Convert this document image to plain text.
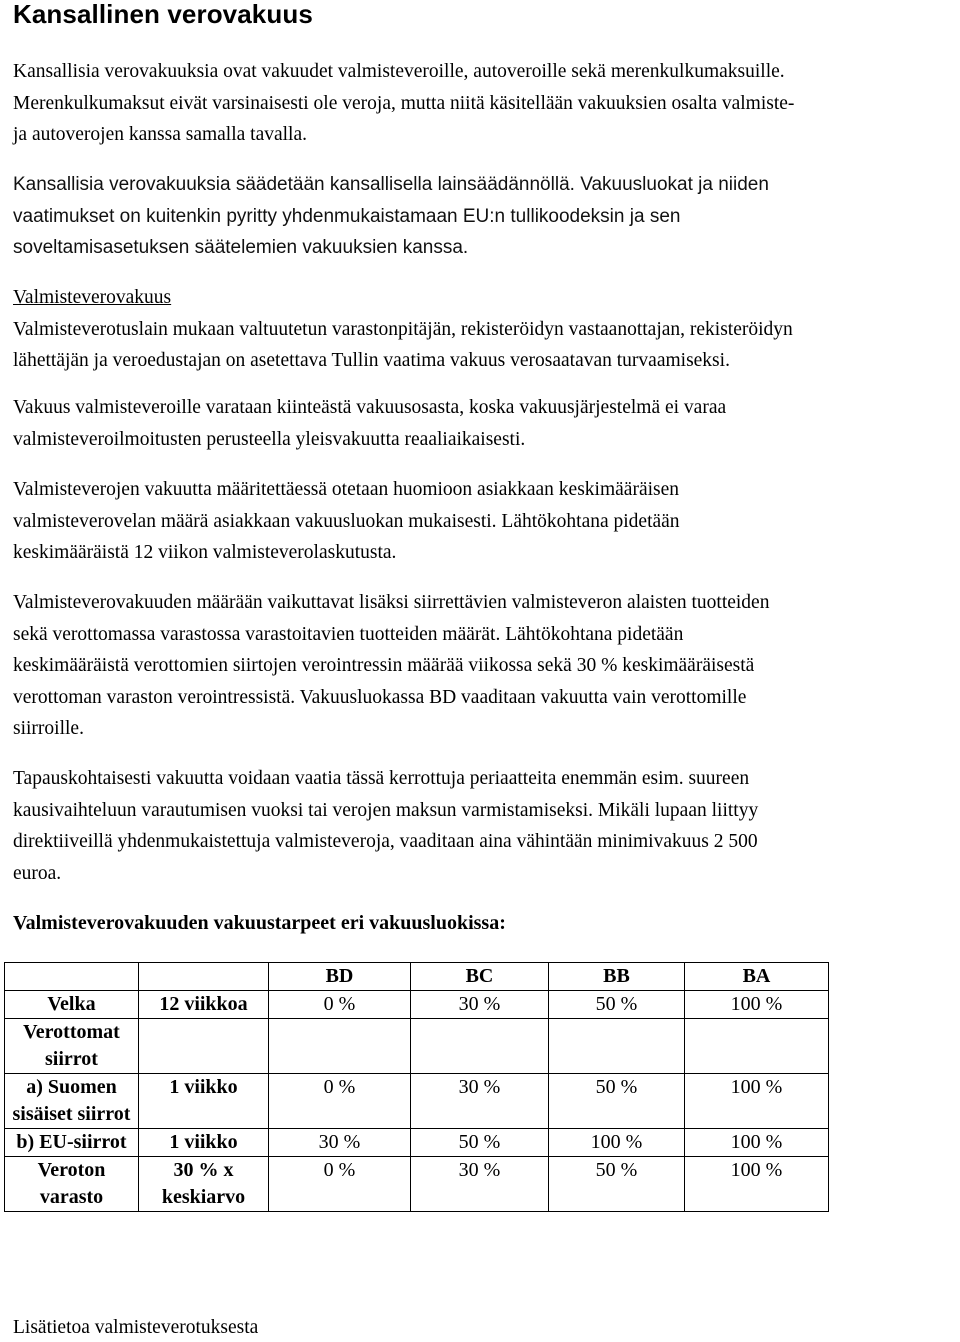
Kansallinen verovakuus
Kansallisia verovakuuksia ovat vakuudet valmisteveroille, autoveroille sekä merenkulkumaksuille.
Merenkulkumaksut eivät varsinaisesti ole veroja, mutta niitä käsitellään vakuuksien osalta valmiste-
ja autoverojen kanssa samalla tavalla.
Kansallisia verovakuuksia säädetään kansallisella lainsäädännöllä. Vakuusluokat ja niiden
vaatimukset on kuitenkin pyritty yhdenmukaistamaan EU:n tullikoodeksin ja sen
soveltamisasetuksen säätelemien vakuuksien kanssa.
Valmisteverovakuus
Valmisteverotuslain mukaan valtuutetun varastonpitäjän, rekisteröidyn vastaanottajan, rekisteröidyn
lähettäjän ja veroedustajan on asetettava Tullin vaatima vakuus verosaatavan turvaamiseksi.
Vakuus valmisteveroille varataan kiinteästä vakuusosasta, koska vakuusjärjestelmä ei varaa
valmisteveroilmoitusten perusteella yleisvakuutta reaaliaikaisesti.
Valmisteverojen vakuutta määritettäessä otetaan huomioon asiakkaan keskimääräisen
valmisteverovelan määrä asiakkaan vakuusluokan mukaisesti. Lähtökohtana pidetään
keskimääräistä 12 viikon valmisteverolaskutusta.
Valmisteverovakuuden määrään vaikuttavat lisäksi siirrettävien valmisteveron alaisten tuotteiden
sekä verottomassa varastossa varastoitavien tuotteiden määrät. Lähtökohtana pidetään
keskimääräistä verottomien siirtojen verointressin määrää viikossa sekä 30 % keskimääräisestä
verottoman varaston verointressistä. Vakuusluokassa BD vaaditaan vakuutta vain verottomille
siirroille.
Tapauskohtaisesti vakuutta voidaan vaatia tässä kerrottuja periaatteita enemmän esim. suureen
kausivaihteluun varautumisen vuoksi tai verojen maksun varmistamiseksi. Mikäli lupaan liittyy
direktiiveillä yhdenmukaistettuja valmisteveroja, vaaditaan aina vähintään minimivakuus 2 500
euroa.
Valmisteverovakuuden vakuustarpeet eri vakuusluokissa:
		BD	BC	BB	BA
Velka	12 viikkoa	0 %	30 %	50 %	100 %
Verottomat siirrot					
a) Suomen sisäiset siirrot	1 viikko	0 %	30 %	50 %	100 %
b) EU-siirrot	1 viikko	30 %	50 %	100 %	100 %
Veroton varasto	30 % x keskiarvo	0 %	30 %	50 %	100 %
Lisätietoa valmisteverotuksesta
